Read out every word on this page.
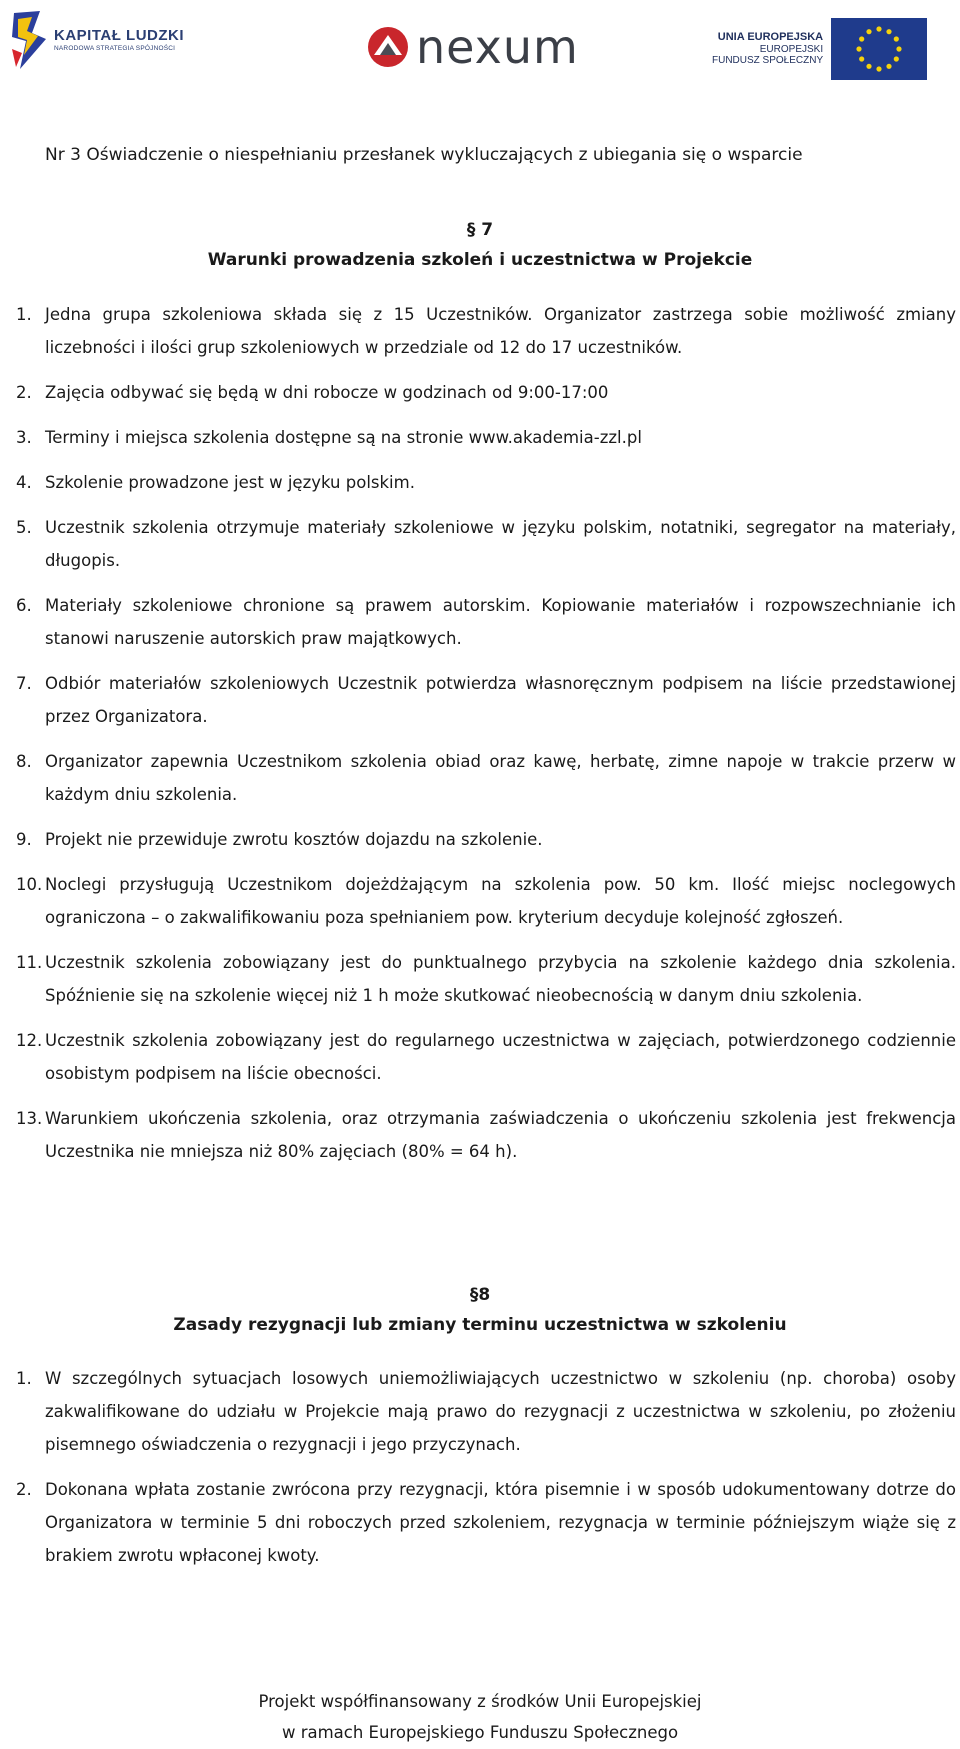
KAPITAŁ LUDZKI
NARODOWA STRATEGIA SPÓJNOŚCI	nexum	UNIA EUROPEJSKA
EUROPEJSKI
FUNDUSZ SPOŁECZNY
Nr 3 Oświadczenie o niespełnianiu przesłanek wykluczających z ubiegania się o wsparcie
§ 7
Warunki prowadzenia szkoleń i uczestnictwa w Projekcie
1. Jedna grupa szkoleniowa składa się z 15 Uczestników. Organizator zastrzega sobie możliwość zmiany liczebności i ilości grup szkoleniowych w przedziale od 12 do 17 uczestników.
2. Zajęcia odbywać się będą w dni robocze w godzinach od 9:00-17:00
3. Terminy i miejsca szkolenia dostępne są na stronie www.akademia-zzl.pl
4. Szkolenie prowadzone jest w języku polskim.
5. Uczestnik szkolenia otrzymuje materiały szkoleniowe w języku polskim, notatniki, segregator na materiały, długopis.
6. Materiały szkoleniowe chronione są prawem autorskim. Kopiowanie materiałów i rozpowszechnianie ich stanowi naruszenie autorskich praw majątkowych.
7. Odbiór materiałów szkoleniowych Uczestnik potwierdza własnoręcznym podpisem na liście przedstawionej przez Organizatora.
8. Organizator zapewnia Uczestnikom szkolenia obiad oraz kawę, herbatę, zimne napoje w trakcie przerw w każdym dniu szkolenia.
9. Projekt nie przewiduje zwrotu kosztów dojazdu na szkolenie.
10. Noclegi przysługują Uczestnikom dojeżdżającym na szkolenia pow. 50 km. Ilość miejsc noclegowych ograniczona – o zakwalifikowaniu poza spełnianiem pow. kryterium decyduje kolejność zgłoszeń.
11. Uczestnik szkolenia zobowiązany jest do punktualnego przybycia na szkolenie każdego dnia szkolenia. Spóźnienie się na szkolenie więcej niż 1 h może skutkować nieobecnością w danym dniu szkolenia.
12. Uczestnik szkolenia zobowiązany jest do regularnego uczestnictwa w zajęciach, potwierdzonego codziennie osobistym podpisem na liście obecności.
13. Warunkiem ukończenia szkolenia, oraz otrzymania zaświadczenia o ukończeniu szkolenia jest frekwencja Uczestnika nie mniejsza niż 80% zajęciach (80% = 64 h).
§8
Zasady rezygnacji lub zmiany terminu uczestnictwa w szkoleniu
1. W szczególnych sytuacjach losowych uniemożliwiających uczestnictwo w szkoleniu (np. choroba) osoby zakwalifikowane do udziału w Projekcie mają prawo do rezygnacji z uczestnictwa w szkoleniu, po złożeniu pisemnego oświadczenia o rezygnacji i jego przyczynach.
2. Dokonana wpłata zostanie zwrócona przy rezygnacji, która pisemnie i w sposób udokumentowany dotrze do Organizatora w terminie 5 dni roboczych przed szkoleniem, rezygnacja w terminie późniejszym wiąże się z brakiem zwrotu wpłaconej kwoty.
Projekt współfinansowany z środków Unii Europejskiej
w ramach Europejskiego Funduszu Społecznego
